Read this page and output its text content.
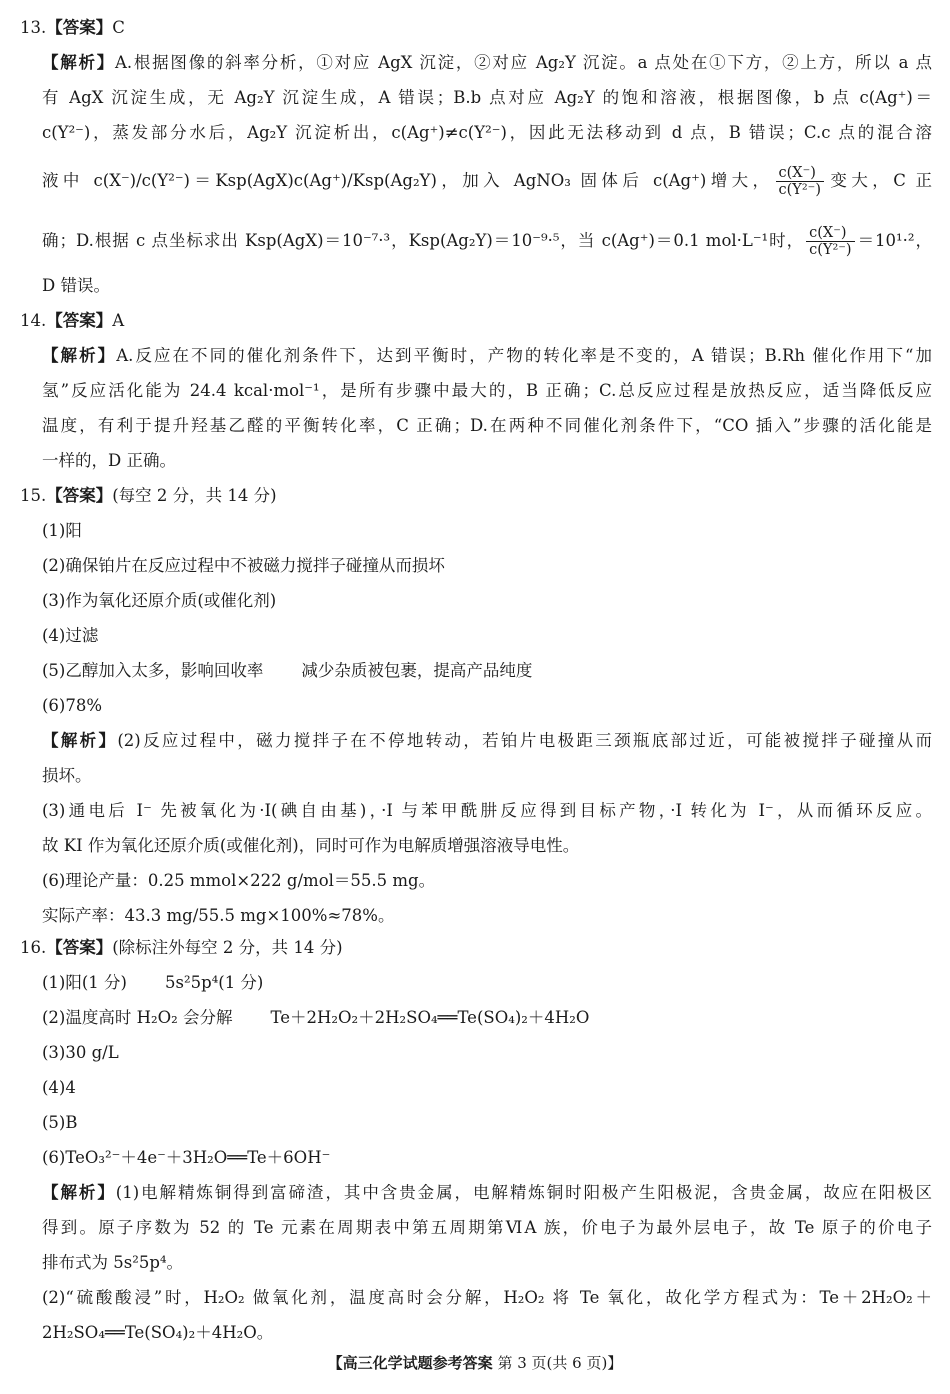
13.【答案】C
【解析】A.根据图像的斜率分析，①对应 AgX 沉淀，②对应 Ag₂Y 沉淀。a 点处在①下方，②上方，所以 a 点
有 AgX 沉淀生成，无 Ag₂Y 沉淀生成，A 错误；B.b 点对应 Ag₂Y 的饱和溶液，根据图像，b 点 c(Ag⁺)＝
c(Y²⁻)，蒸发部分水后，Ag₂Y 沉淀析出，c(Ag⁺)≠c(Y²⁻)，因此无法移动到 d 点，B 错误；C.c 点的混合溶
液中 c(X⁻)/c(Y²⁻)＝Ksp(AgX)c(Ag⁺)/Ksp(Ag₂Y)，加入 AgNO₃ 固体后 c(Ag⁺)增大， $\frac{c(X^-)}{\text{c(Y²⁻)}}$ 变大，C 正
确；D.根据 c 点坐标求出 Ksp(AgX)＝10⁻⁷·³，Ksp(Ag₂Y)＝10⁻⁹·⁵，当 c(Ag⁺)＝0.1 mol·L⁻¹时， $\frac{c(X^-)}{\text{c(Y²⁻)}} =10^1\cdot^2$，
D 错误。
14.【答案】A
【解析】A.反应在不同的催化剂条件下，达到平衡时，产物的转化率是不变的，A 错误；B.Rh 催化作用下“加
氢”反应活化能为 24.4 kcal·mol⁻¹，是所有步骤中最大的，B 正确；C.总反应过程是放热反应，适当降低反应
温度，有利于提升羟基乙醛的平衡转化率，C 正确；D.在两种不同催化剂条件下，“CO 插入”步骤的活化能是
一样的，D 正确。
15.【答案】(每空 2 分，共 14 分)
(1)阳
(2)确保铂片在反应过程中不被磁力搅拌子碰撞从而损坏
(3)作为氧化还原介质(或催化剂)
(4)过滤
(5)乙醇加入太多，影响回收率 减少杂质被包裹，提高产品纯度
(6)78%
【解析】(2)反应过程中，磁力搅拌子在不停地转动，若铂片电极距三颈瓶底部过近，可能被搅拌子碰撞从而
损坏。
(3)通电后 I⁻ 先被氧化为·I(碘自由基)，·I 与苯甲酰肼反应得到目标产物，·I 转化为 I⁻，从而循环反应。
故 KI 作为氧化还原介质(或催化剂)，同时可作为电解质增强溶液导电性。
(6)理论产量：0.25 mmol×222 g/mol＝55.5 mg。
实际产率：43.3 mg/55.5 mg×100%≈78%。
16.【答案】(除标注外每空 2 分，共 14 分)
(1)阳(1 分) 5s²5p⁴(1 分)
(2)温度高时 H₂O₂ 会分解 Te＋2H₂O₂＋2H₂SO₄══Te(SO₄)₂＋4H₂O
(3)30 g/L
(4)4
(5)B
(6)TeO₃²⁻＋4e⁻＋3H₂O══Te＋6OH⁻
【解析】(1)电解精炼铜得到富碲渣，其中含贵金属，电解精炼铜时阳极产生阳极泥，含贵金属，故应在阳极区
得到。原子序数为 52 的 Te 元素在周期表中第五周期第ⅥA 族，价电子为最外层电子，故 Te 原子的价电子
排布式为 5s²5p⁴。
(2)“硫酸酸浸”时，H₂O₂ 做氧化剂，温度高时会分解，H₂O₂ 将 Te 氧化，故化学方程式为：Te＋2H₂O₂＋
2H₂SO₄══Te(SO₄)₂＋4H₂O。
【高三化学试题参考答案 第 3 页(共 6 页)】
